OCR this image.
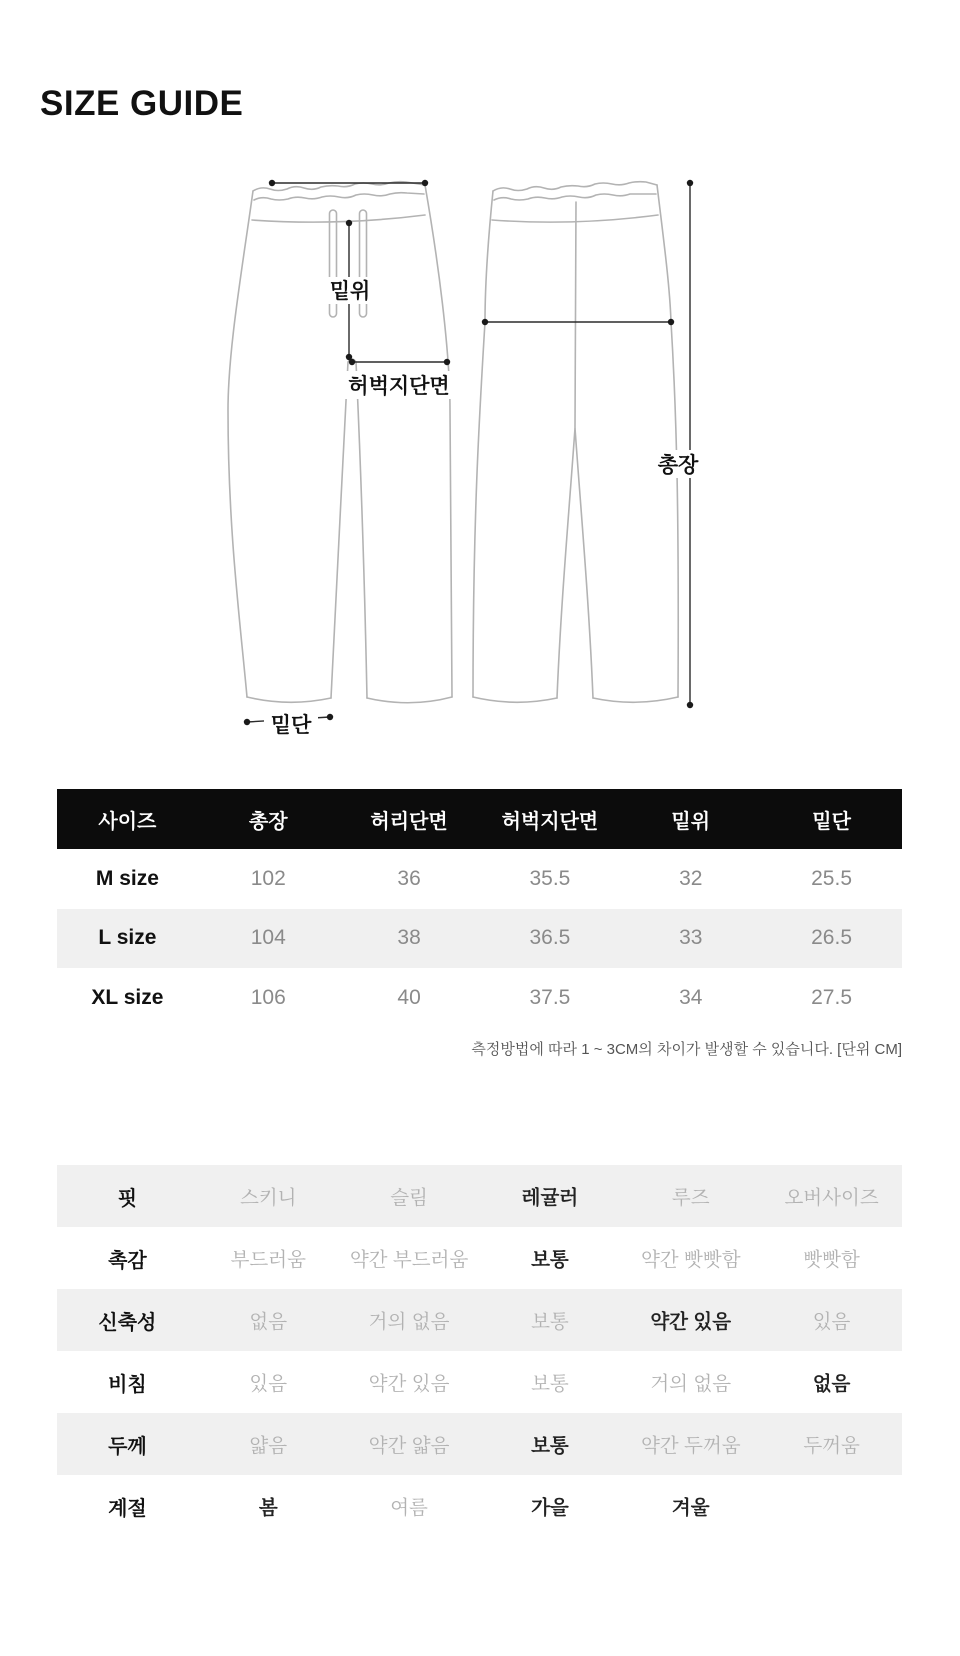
SIZE GUIDE
밑위
허벅지단면
총장
밑단
사이즈	총장	허리단면	허벅지단면	밑위	밑단
M size	102	36	35.5	32	25.5
L size	104	38	36.5	33	26.5
XL size	106	40	37.5	34	27.5
측정방법에 따라 1 ~ 3CM의 차이가 발생할 수 있습니다. [단위 CM]
핏	스키니	슬림	레귤러	루즈	오버사이즈
촉감	부드러움	약간 부드러움	보통	약간 빳빳함	빳빳함
신축성	없음	거의 없음	보통	약간 있음	있음
비침	있음	약간 있음	보통	거의 없음	없음
두께	얇음	약간 얇음	보통	약간 두꺼움	두꺼움
계절	봄	여름	가을	겨울
